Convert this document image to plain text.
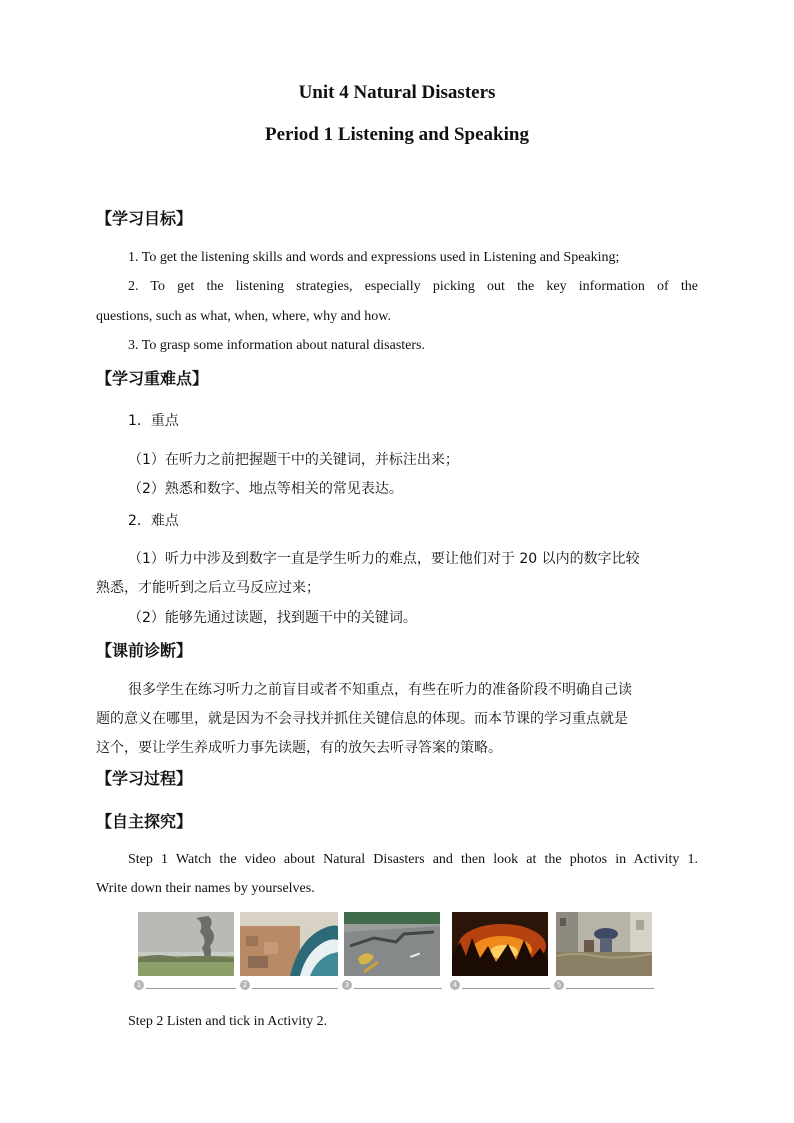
Unit 4 Natural Disasters
Period 1 Listening and Speaking
【学习目标】
1. To get the listening skills and words and expressions used in Listening and Speaking;
2. To get the listening strategies, especially picking out the key information of the
questions, such as what, when, where, why and how.
3. To grasp some information about natural disasters.
【学习重难点】
1．重点
（1）在听力之前把握题干中的关键词，并标注出来；
（2）熟悉和数字、地点等相关的常见表达。
2．难点
（1）听力中涉及到数字一直是学生听力的难点，要让他们对于 20 以内的数字比较
熟悉，才能听到之后立马反应过来；
（2）能够先通过读题，找到题干中的关键词。
【课前诊断】
很多学生在练习听力之前盲目或者不知重点，有些在听力的准备阶段不明确自己读
题的意义在哪里，就是因为不会寻找并抓住关键信息的体现。而本节课的学习重点就是
这个，要让学生养成听力事先读题，有的放矢去听寻答案的策略。
【学习过程】
【自主探究】
Step 1 Watch the video about Natural Disasters and then look at the photos in Activity 1.
Write down their names by yourselves.
1	2	3	4	5
Step 2 Listen and tick in Activity 2.
